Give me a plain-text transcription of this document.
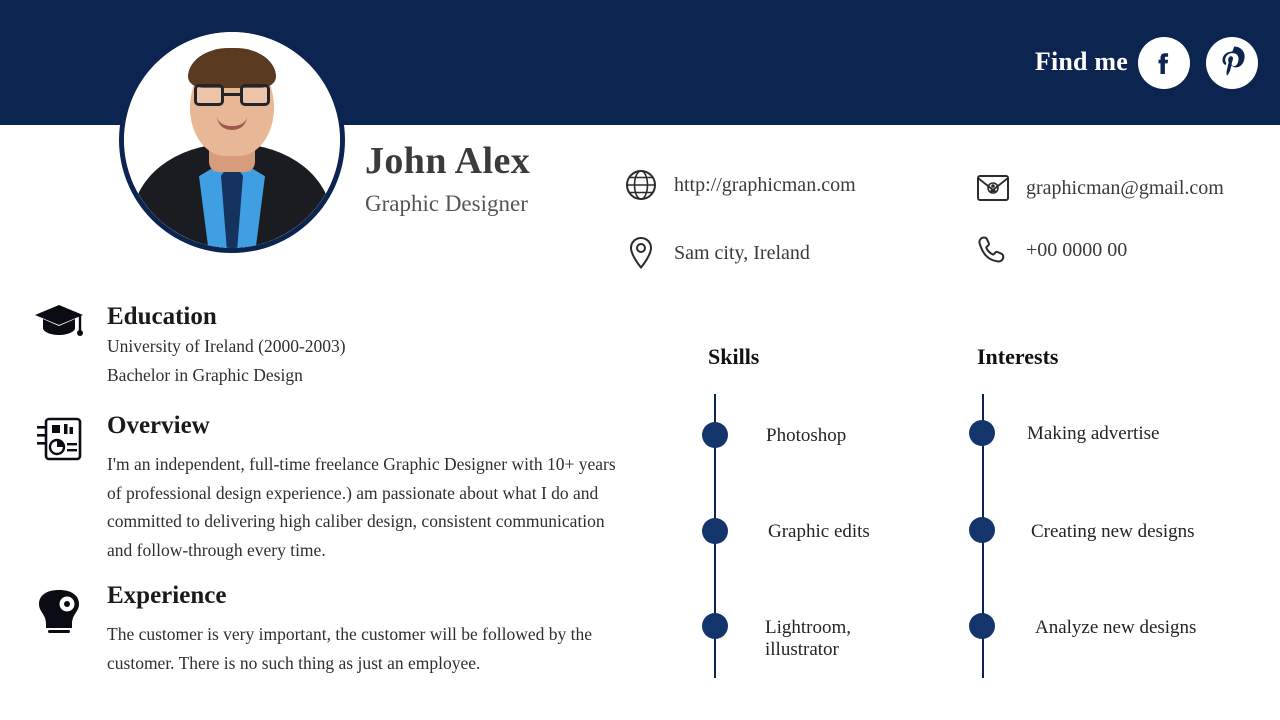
Find me
John Alex
Graphic Designer
http://graphicman.com	graphicman@gmail.com
Sam city, Ireland	+00 0000 00
Education
University of Ireland (2000-2003)
Bachelor in Graphic Design
Overview
I'm an independent, full-time freelance Graphic Designer with 10+ years of professional design experience.) am passionate about what I do and committed to delivering high caliber design, consistent communication and follow-through every time.
Experience
The customer is very important, the customer will be followed by the customer. There is no such thing as just an employee.
Skills
Photoshop
Graphic edits
Lightroom, illustrator
Interests
Making advertise
Creating new designs
Analyze new designs
